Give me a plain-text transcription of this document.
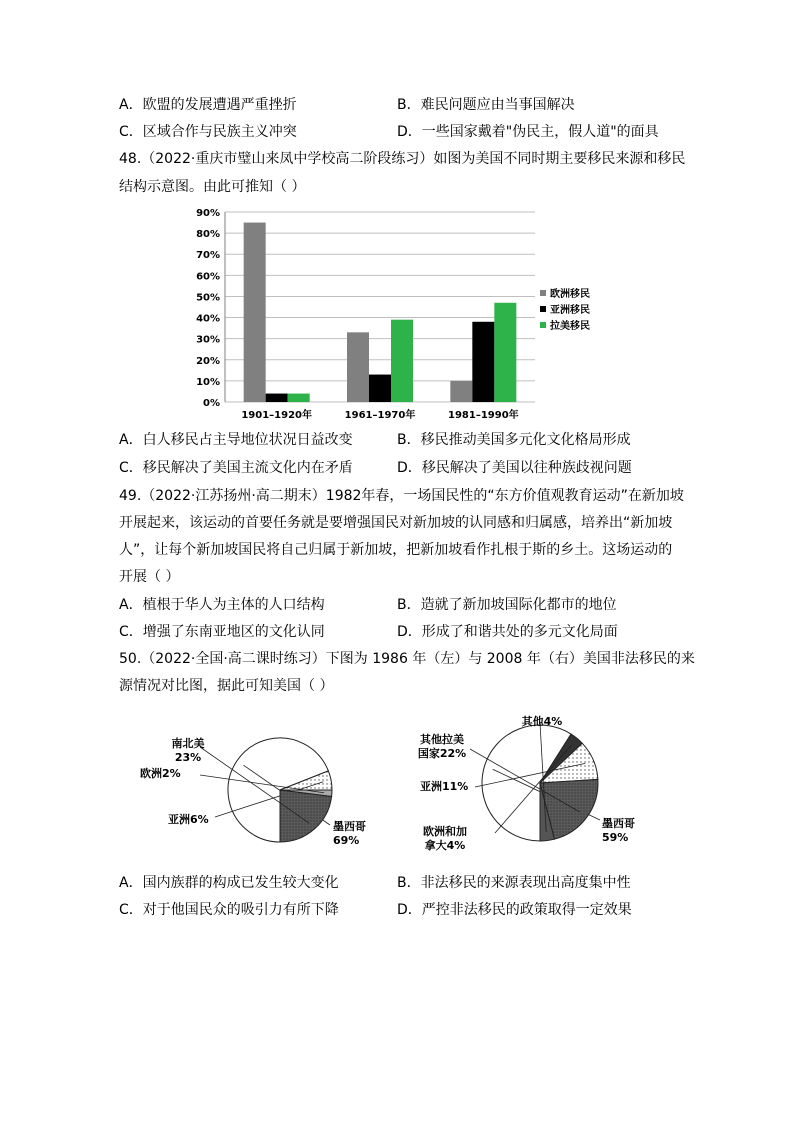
A．欧盟的发展遭遇严重挫折	B．难民问题应由当事国解决
C．区域合作与民族主义冲突	D．一些国家戴着"伪民主，假人道"的面具
48.（2022·重庆市璧山来凤中学校高二阶段练习）如图为美国不同时期主要移民来源和移民
结构示意图。由此可推知（ ）
0%
10%
20%
30%
40%
50%
60%
70%
80%
90%
1901–1920年	1961–1970年	1981–1990年
欧洲移民
亚洲移民
拉美移民
A．白人移民占主导地位状况日益改变	B．移民推动美国多元化文化格局形成
C．移民解决了美国主流文化内在矛盾	D．移民解决了美国以往种族歧视问题
49.（2022·江苏扬州·高二期末）1982年春，一场国民性的“东方价值观教育运动”在新加坡
开展起来，该运动的首要任务就是要增强国民对新加坡的认同感和归属感，培养出“新加坡
人”，让每个新加坡国民将自己归属于新加坡，把新加坡看作扎根于斯的乡土。这场运动的
开展（ ）
A．植根于华人为主体的人口结构	B．造就了新加坡国际化都市的地位
C．增强了东南亚地区的文化认同	D．形成了和谐共处的多元文化局面
50.（2022·全国·高二课时练习）下图为 1986 年（左）与 2008 年（右）美国非法移民的来
源情况对比图，据此可知美国（ ）
墨西哥
69%
亚洲6%
欧洲2%
南北美
23%
墨西哥
59%
欧洲和加
拿大4%
亚洲11%
其他拉美
国家22%
其他4%
A．国内族群的构成已发生较大变化	B．非法移民的来源表现出高度集中性
C．对于他国民众的吸引力有所下降	D．严控非法移民的政策取得一定效果
